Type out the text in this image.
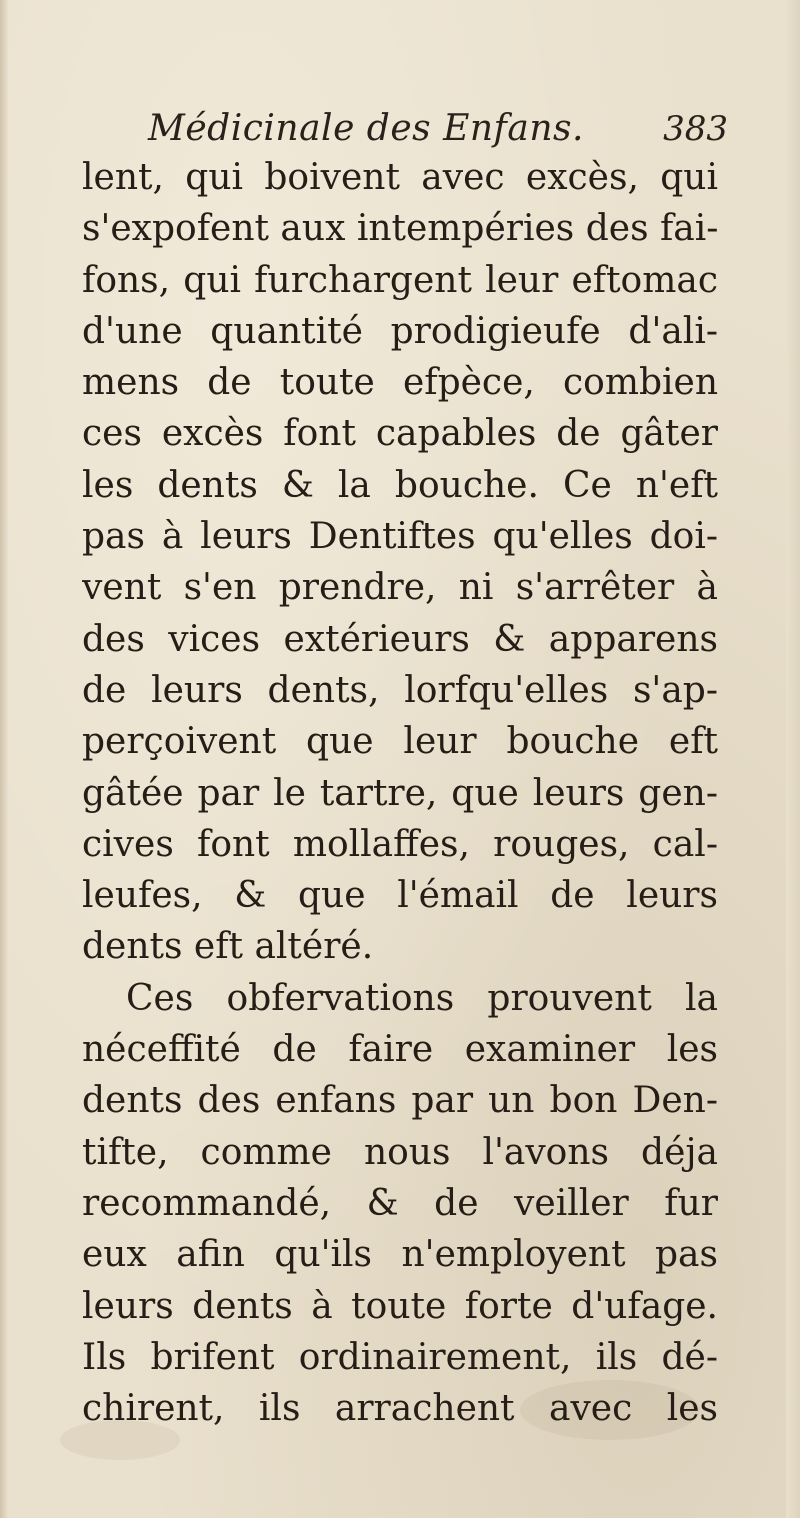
Médicinale des Enfans. 383
lent, qui boivent avec excès, qui
s'expofent aux intempéries des fai-
fons, qui furchargent leur eftomac
d'une quantité prodigieufe d'ali-
mens de toute efpèce, combien
ces excès font capables de gâter
les dents & la bouche. Ce n'eft
pas à leurs Dentiftes qu'elles doi-
vent s'en prendre, ni s'arrêter à
des vices extérieurs & apparens
de leurs dents, lorfqu'elles s'ap-
perçoivent que leur bouche eft
gâtée par le tartre, que leurs gen-
cives font mollaffes, rouges, cal-
leufes, & que l'émail de leurs
dents eft altéré.
Ces obfervations prouvent la
néceffité de faire examiner les
dents des enfans par un bon Den-
tifte, comme nous l'avons déja
recommandé, & de veiller fur
eux afin qu'ils n'employent pas
leurs dents à toute forte d'ufage.
Ils brifent ordinairement, ils dé-
chirent, ils arrachent avec les
